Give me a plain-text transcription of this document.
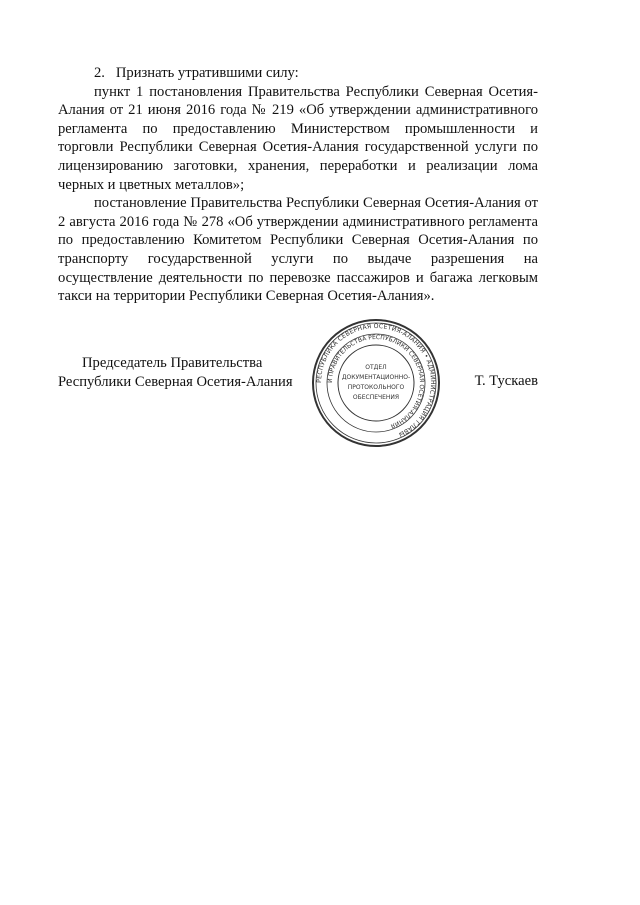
2.   Признать утратившими силу:

пункт 1 постановления Правительства Республики Северная Осетия-Алания от 21 июня 2016 года № 219 «Об утверждении административного регламента по предоставлению Министерством промышленности и торговли Республики Северная Осетия-Алания государственной услуги по лицензированию заготовки, хранения, переработки и реализации лома черных и цветных металлов»;

постановление Правительства Республики Северная Осетия-Алания от 2 августа 2016 года № 278 «Об утверждении административного регламента по предоставлению Комитетом Республики Северная Осетия-Алания по транспорту государственной услуги по выдаче разрешения на осуществление деятельности по перевозке пассажиров и багажа легковым такси на территории Республики Северная Осетия-Алания».

Председатель Правительства
Республики Северная Осетия-Алания	Т. Тускаев
РЕСПУБЛИКА СЕВЕРНАЯ ОСЕТИЯ-АЛАНИЯ • АДМИНИСТРАЦИЯ ГЛАВЫ
И ПРАВИТЕЛЬСТВА РЕСПУБЛИКИ СЕВЕРНАЯ ОСЕТИЯ-АЛАНИЯ
ОТДЕЛ
ДОКУМЕНТАЦИОННО-
ПРОТОКОЛЬНОГО
ОБЕСПЕЧЕНИЯ
